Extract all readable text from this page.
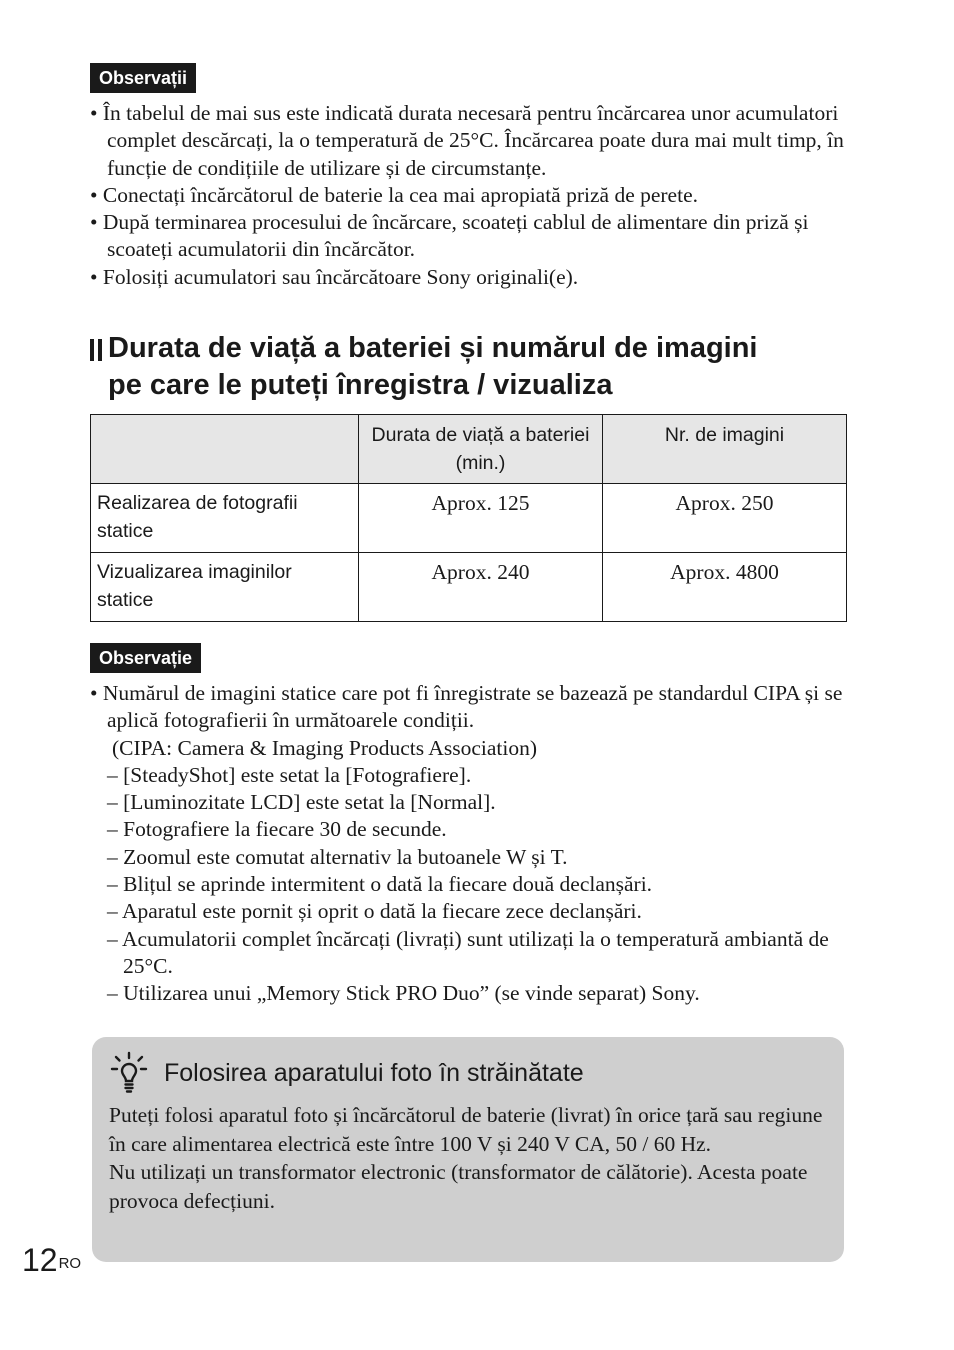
Observații
• În tabelul de mai sus este indicată durata necesară pentru încărcarea unor acumulatori complet descărcați, la o temperatură de 25°C. Încărcarea poate dura mai mult timp, în funcție de condițiile de utilizare și de circumstanțe.
• Conectați încărcătorul de baterie la cea mai apropiată priză de perete.
• După terminarea procesului de încărcare, scoateți cablul de alimentare din priză și scoateți acumulatorii din încărcător.
• Folosiți acumulatori sau încărcătoare Sony originali(e).
Durata de viață a bateriei și numărul de imagini
pe care le puteți înregistra / vizualiza
	Durata de viață a bateriei (min.)	Nr. de imagini
Realizarea de fotografii statice	Aprox. 125	Aprox. 250
Vizualizarea imaginilor statice	Aprox. 240	Aprox. 4800
Observație
• Numărul de imagini statice care pot fi înregistrate se bazează pe standardul CIPA și se aplică fotografierii în următoarele condiții.
(CIPA: Camera & Imaging Products Association)
– [SteadyShot] este setat la [Fotografiere].
– [Luminozitate LCD] este setat la [Normal].
– Fotografiere la fiecare 30 de secunde.
– Zoomul este comutat alternativ la butoanele W și T.
– Blițul se aprinde intermitent o dată la fiecare două declanșări.
– Aparatul este pornit și oprit o dată la fiecare zece declanșări.
– Acumulatorii complet încărcați (livrați) sunt utilizați la o temperatură ambiantă de 25°C.
– Utilizarea unui „Memory Stick PRO Duo” (se vinde separat) Sony.
Folosirea aparatului foto în străinătate

Puteți folosi aparatul foto și încărcătorul de baterie (livrat) în orice țară sau regiune în care alimentarea electrică este între 100 V și 240 V CA, 50 / 60 Hz.

Nu utilizați un transformator electronic (transformator de călătorie). Acesta poate provoca defecțiuni.

$12^{RO}$
